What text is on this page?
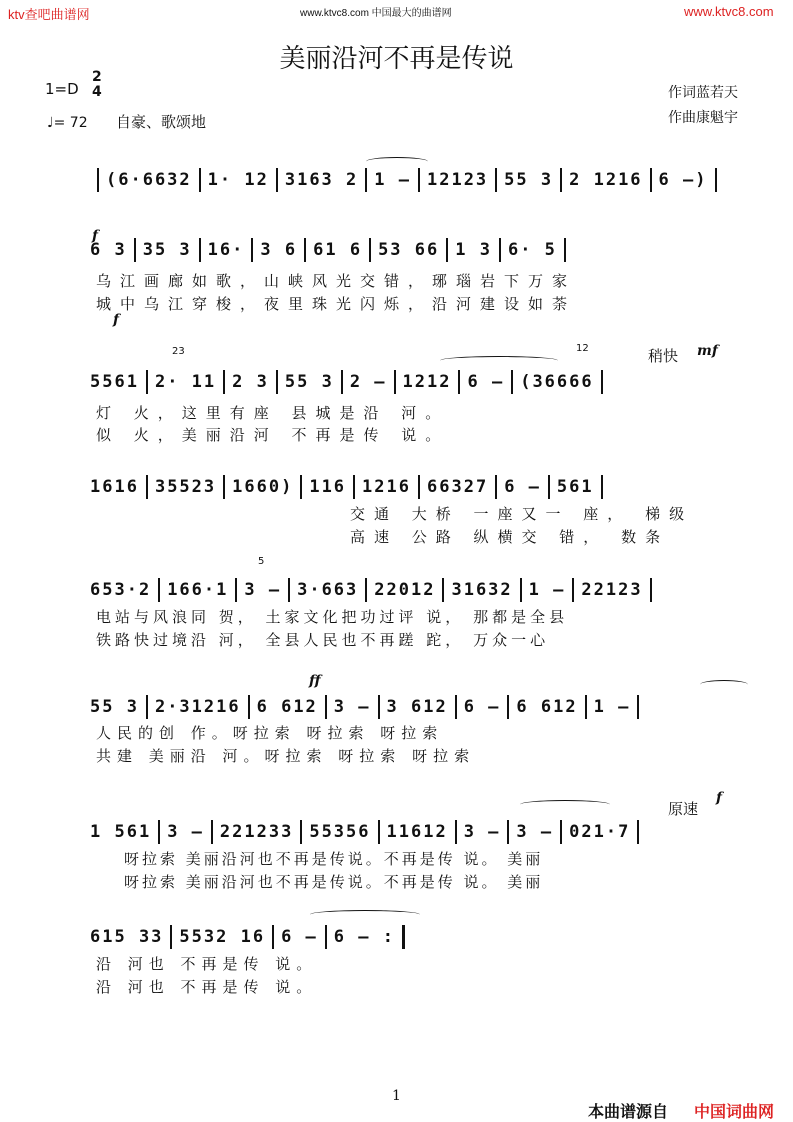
ktv查吧曲谱网	www.ktvc8.com 中国最大的曲谱网	www.ktvc8.com
美丽沿河不再是传说
1=D
2
4
♩= 72 自豪、歌颂地
作词蓝若天
作曲康魁宇
f
f
mf
稍快
ff
原速
f
23	12
5
(6·6632 1· 12 3163 2 1 – 12123 55 3 2 1216 6 –)
6 3 35 3 16· 3 6 61 6 53 66 1 3 6· 5
乌江画廊如歌，山峡风光交错，琊瑙岩下万家
城中乌江穿梭，夜里珠光闪烁，沿河建设如荼
5561 2· 11 2 3 55 3 2 – 1212 6 – (36666
灯 火，这里有座 县城是沿 河。
似 火，美丽沿河 不再是传 说。
1616 35523 1660) 116 1216 66327 6 – 561
交通 大桥 一座又一 座， 梯级
高速 公路 纵横交 错， 数条
653·2 166·1 3 – 3·663 22012 31632 1 – 22123
电站与风浪同 贺， 土家文化把功过评 说， 那都是全县
铁路快过境沿 河， 全县人民也不再蹉 跎， 万众一心
55 3 2·31216 6 612 3 – 3 612 6 – 6 612 1 –
人民的创 作。呀拉索 呀拉索 呀拉索
共建 美丽沿 河。呀拉索 呀拉索 呀拉索
1 561 3 – 221233 55356 11612 3 – 3 – 021·7
呀拉索 美丽沿河也不再是传说。不再是传 说。 美丽
呀拉索 美丽沿河也不再是传说。不再是传 说。 美丽
615 33 5532 16 6 – 6 – :
沿 河也 不再是传 说。
沿 河也 不再是传 说。
1
本曲谱源自 中国词曲网
